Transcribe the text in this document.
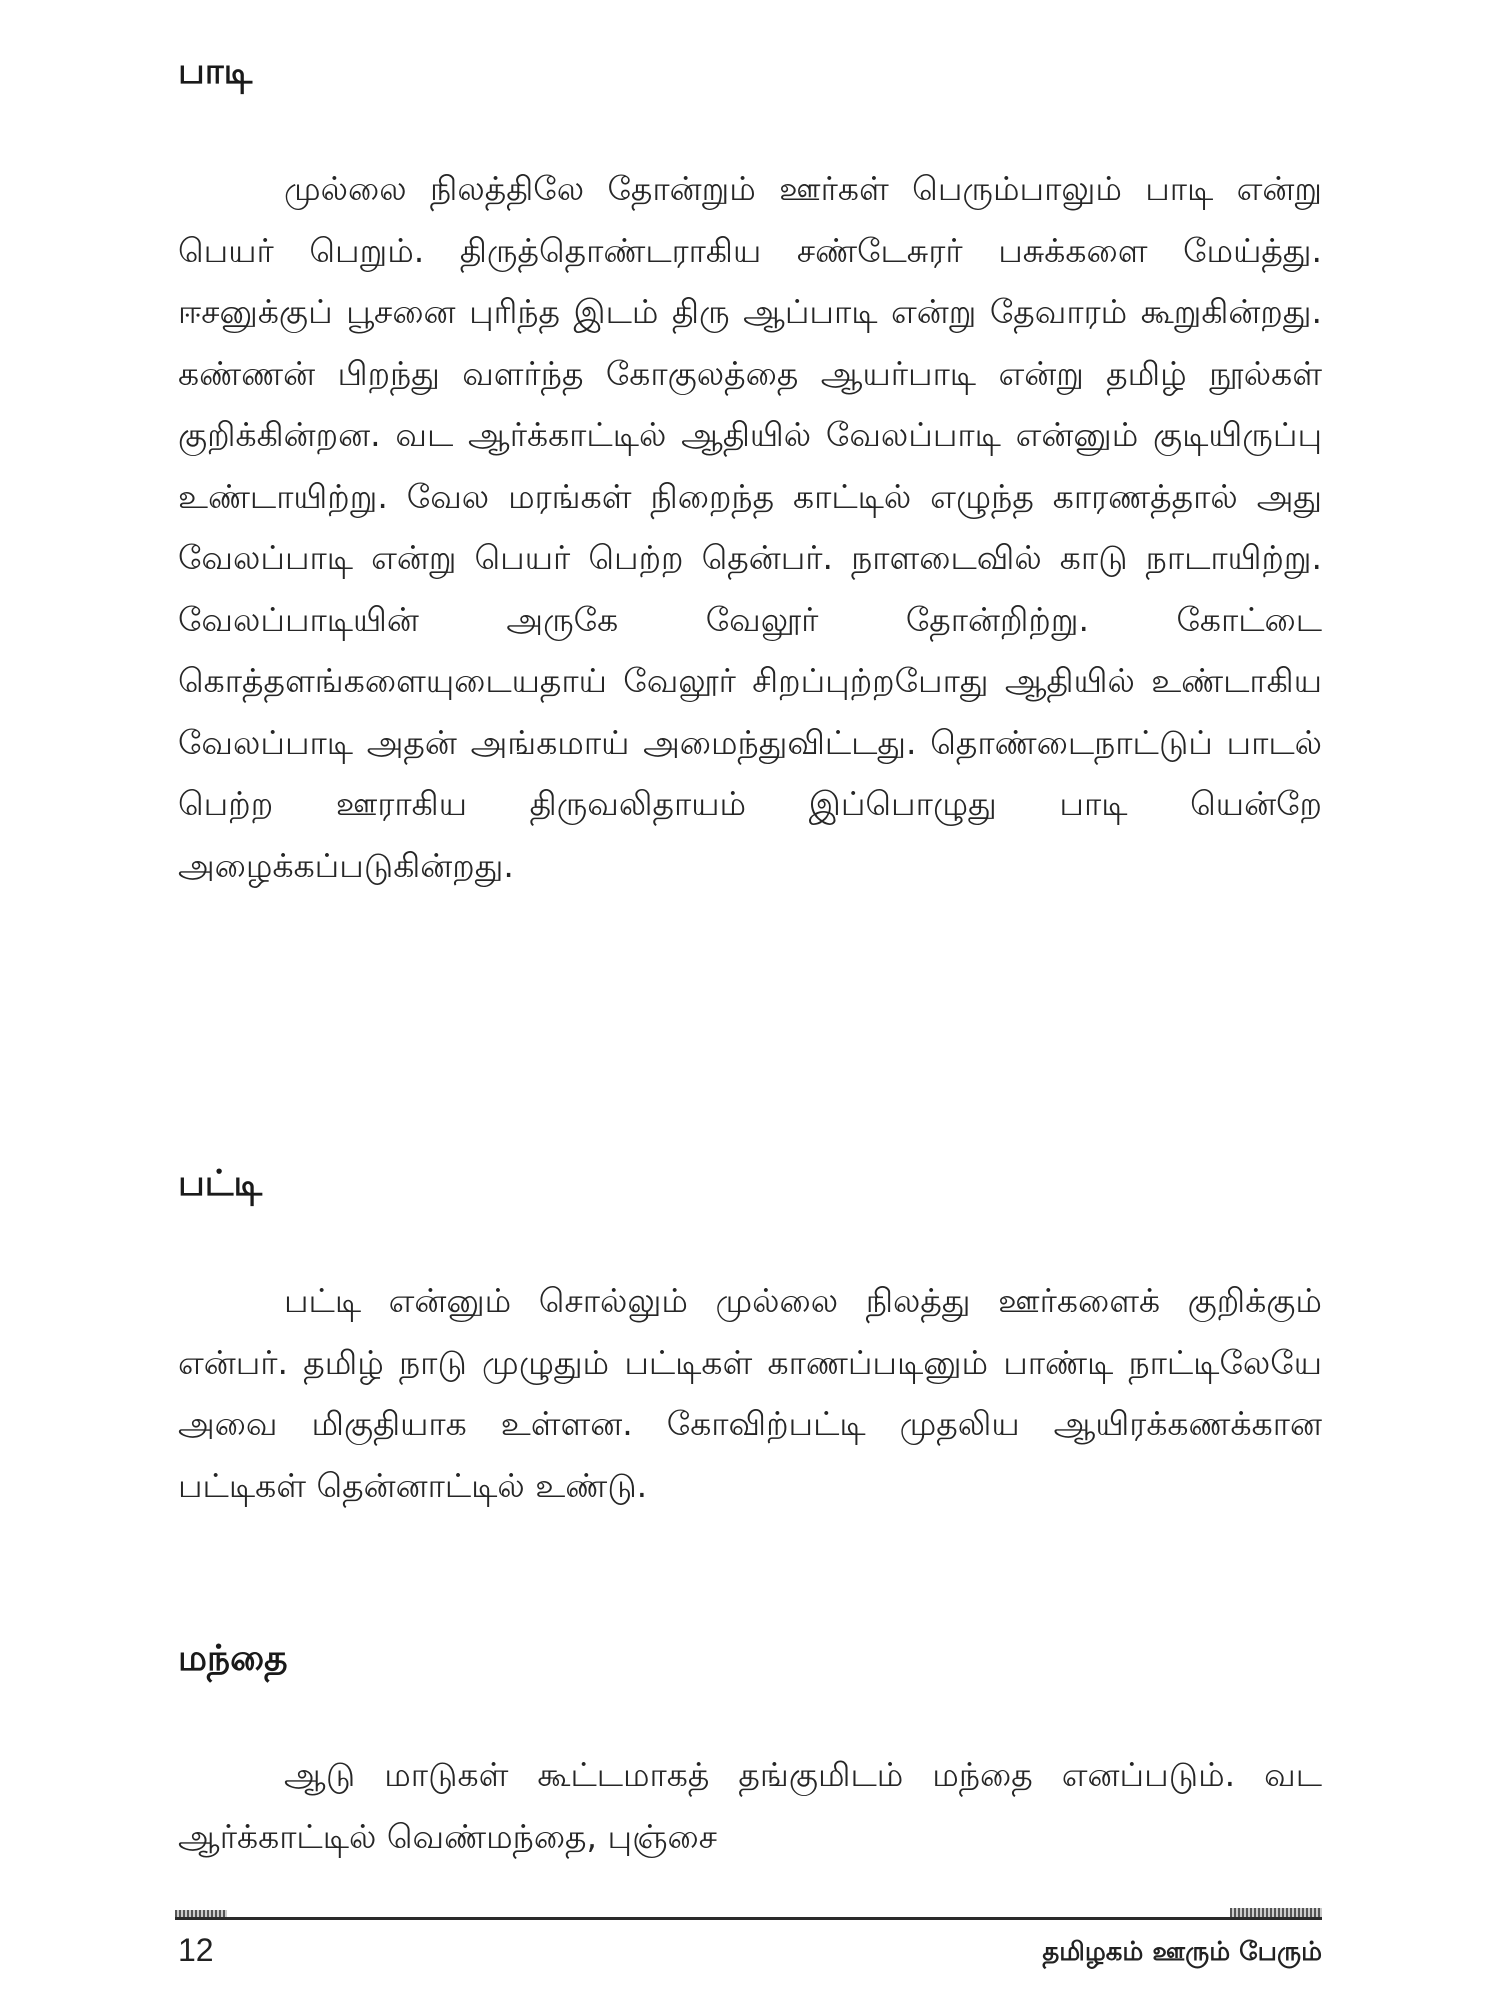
பாடி

முல்லை நிலத்திலே தோன்றும் ஊர்கள் பெரும்பாலும் பாடி என்று பெயர் பெறும். திருத்தொண்டராகிய சண்டேசுரர் பசுக்களை மேய்த்து. ஈசனுக்குப் பூசனை புரிந்த இடம் திரு ஆப்பாடி என்று தேவாரம் கூறுகின்றது. கண்ணன் பிறந்து வளர்ந்த கோகுலத்தை ஆயர்பாடி என்று தமிழ் நூல்கள் குறிக்கின்றன. வட ஆர்க்காட்டில் ஆதியில் வேலப்பாடி என்னும் குடியிருப்பு உண்டாயிற்று. வேல மரங்கள் நிறைந்த காட்டில் எழுந்த காரணத்தால் அது வேலப்பாடி என்று பெயர் பெற்ற தென்பர். நாளடைவில் காடு நாடாயிற்று. வேலப்பாடியின் அருகே வேலூர் தோன்றிற்று. கோட்டை கொத்தளங்களையுடையதாய் வேலூர் சிறப்புற்றபோது ஆதியில் உண்டாகிய வேலப்பாடி அதன் அங்கமாய் அமைந்துவிட்டது. தொண்டைநாட்டுப் பாடல் பெற்ற ஊராகிய திருவலிதாயம் இப்பொழுது பாடி யென்றே அழைக்கப்படுகின்றது.

பட்டி

பட்டி என்னும் சொல்லும் முல்லை நிலத்து ஊர்களைக் குறிக்கும் என்பர். தமிழ் நாடு முழுதும் பட்டிகள் காணப்படினும் பாண்டி நாட்டிலேயே அவை மிகுதியாக உள்ளன. கோவிற்பட்டி முதலிய ஆயிரக்கணக்கான பட்டிகள் தென்னாட்டில் உண்டு.

மந்தை

ஆடு மாடுகள் கூட்டமாகத் தங்குமிடம் மந்தை எனப்படும். வட ஆர்க்காட்டில் வெண்மந்தை, புஞ்சை

12	தமிழகம் ஊரும் பேரும்
